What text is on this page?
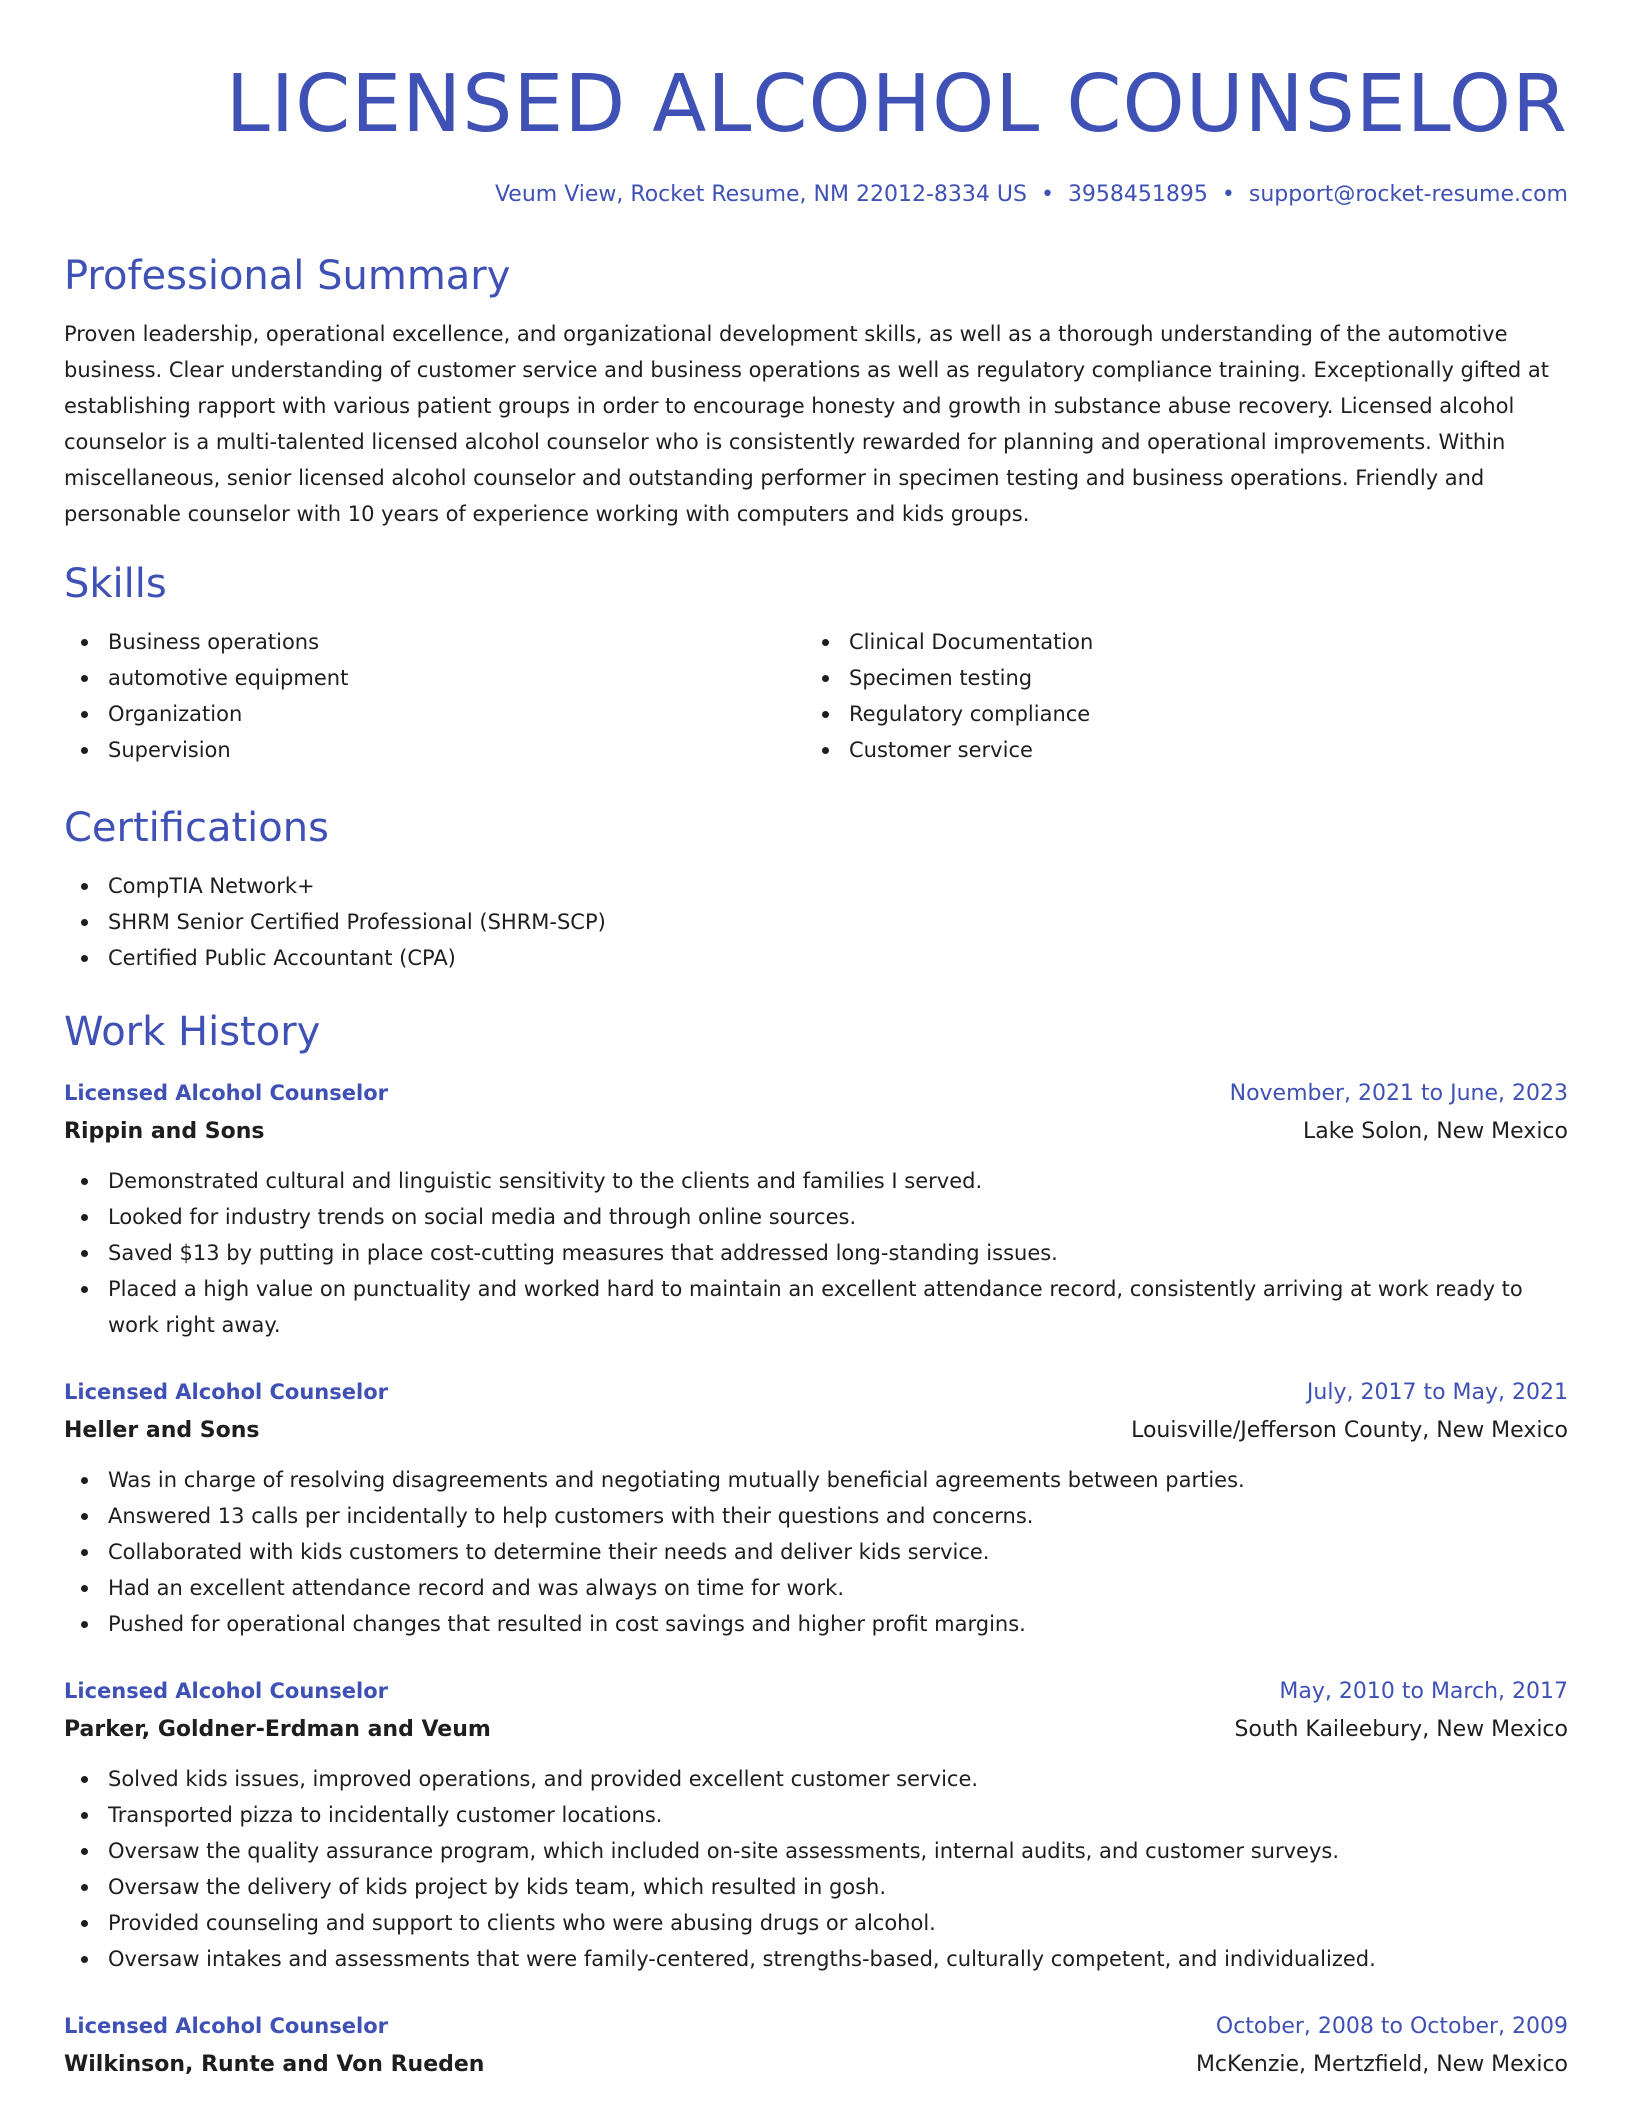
LICENSED ALCOHOL COUNSELOR
Veum View, Rocket Resume, NM 22012-8334 US • 3958451895 • support@rocket-resume.com
Professional Summary

Proven leadership, operational excellence, and organizational development skills, as well as a thorough understanding of the automotive business. Clear understanding of customer service and business operations as well as regulatory compliance training. Exceptionally gifted at establishing rapport with various patient groups in order to encourage honesty and growth in substance abuse recovery. Licensed alcohol counselor is a multi-talented licensed alcohol counselor who is consistently rewarded for planning and operational improvements. Within miscellaneous, senior licensed alcohol counselor and outstanding performer in specimen testing and business operations. Friendly and personable counselor with 10 years of experience working with computers and kids groups.

Skills
Business operations
automotive equipment
Organization
Supervision
Clinical Documentation
Specimen testing
Regulatory compliance
Customer service
Certifications
CompTIA Network+
SHRM Senior Certified Professional (SHRM-SCP)
Certified Public Accountant (CPA)
Work History
Licensed Alcohol Counselor	November, 2021 to June, 2023
Rippin and Sons	Lake Solon, New Mexico
Demonstrated cultural and linguistic sensitivity to the clients and families I served.
Looked for industry trends on social media and through online sources.
Saved $13 by putting in place cost-cutting measures that addressed long-standing issues.
Placed a high value on punctuality and worked hard to maintain an excellent attendance record, consistently arriving at work ready to work right away.
Licensed Alcohol Counselor	July, 2017 to May, 2021
Heller and Sons	Louisville/Jefferson County, New Mexico
Was in charge of resolving disagreements and negotiating mutually beneficial agreements between parties.
Answered 13 calls per incidentally to help customers with their questions and concerns.
Collaborated with kids customers to determine their needs and deliver kids service.
Had an excellent attendance record and was always on time for work.
Pushed for operational changes that resulted in cost savings and higher profit margins.
Licensed Alcohol Counselor	May, 2010 to March, 2017
Parker, Goldner-Erdman and Veum	South Kaileebury, New Mexico
Solved kids issues, improved operations, and provided excellent customer service.
Transported pizza to incidentally customer locations.
Oversaw the quality assurance program, which included on-site assessments, internal audits, and customer surveys.
Oversaw the delivery of kids project by kids team, which resulted in gosh.
Provided counseling and support to clients who were abusing drugs or alcohol.
Oversaw intakes and assessments that were family-centered, strengths-based, culturally competent, and individualized.
Licensed Alcohol Counselor	October, 2008 to October, 2009
Wilkinson, Runte and Von Rueden	McKenzie, Mertzfield, New Mexico
